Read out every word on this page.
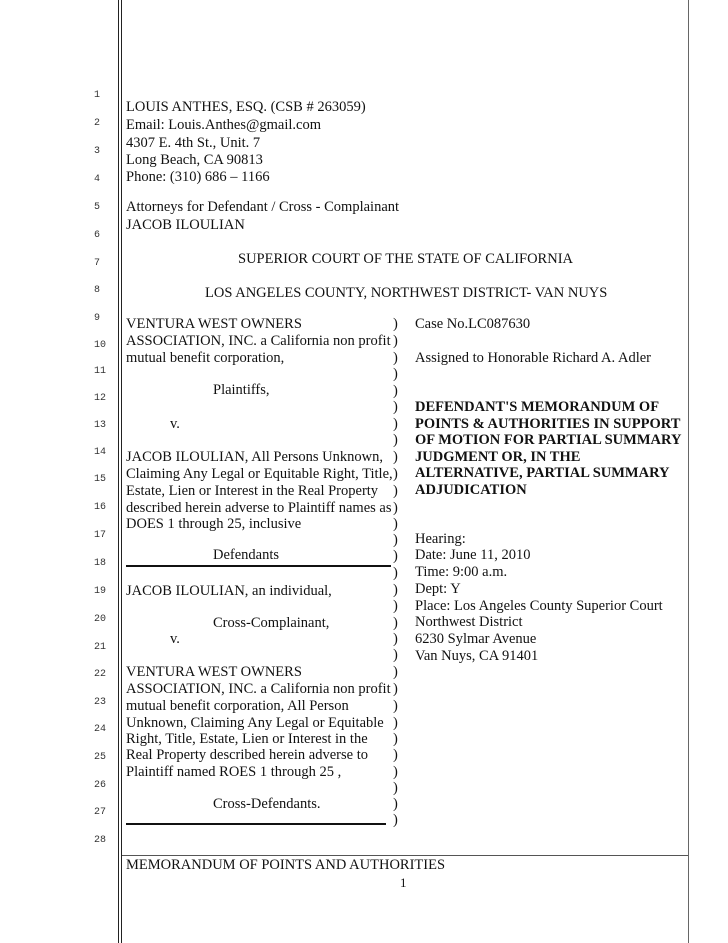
1
2
3
4
5
6
7
8
9
10
11
12
13
14
15
16
17
18
19
20
21
22
23
24
25
26
27
28
LOUIS ANTHES, ESQ. (CSB # 263059)
Email: Louis.Anthes@gmail.com
4307 E. 4th St., Unit. 7
Long Beach, CA 90813
Phone: (310) 686 – 1166
Attorneys for Defendant / Cross - Complainant
JACOB ILOULIAN
SUPERIOR COURT OF THE STATE OF CALIFORNIA
LOS ANGELES COUNTY, NORTHWEST DISTRICT- VAN NUYS
VENTURA WEST OWNERS
ASSOCIATION, INC. a California non profit
mutual benefit corporation,
Plaintiffs,
v.
JACOB ILOULIAN, All Persons Unknown,
Claiming Any Legal or Equitable Right, Title,
Estate, Lien or Interest in the Real Property
described herein adverse to Plaintiff names as
DOES 1 through 25, inclusive
Defendants
JACOB ILOULIAN, an individual,
Cross-Complainant,
v.
VENTURA WEST OWNERS
ASSOCIATION, INC. a California non profit
mutual benefit corporation, All Person
Unknown, Claiming Any Legal or Equitable
Right, Title, Estate, Lien or Interest in the
Real Property described herein adverse to
Plaintiff named ROES 1 through 25 ,
Cross-Defendants.
)
)
)
)
)
)
)
)
)
)
)
)
)
)
)
)
)
)
)
)
)
)
)
)
)
)
)
)
)
)
)
Case No.LC087630
Assigned to Honorable Richard A. Adler
DEFENDANT'S MEMORANDUM OF
POINTS & AUTHORITIES IN SUPPORT
OF MOTION FOR PARTIAL SUMMARY
JUDGMENT OR, IN THE
ALTERNATIVE, PARTIAL SUMMARY
ADJUDICATION
Hearing:
Date: June 11, 2010
Time: 9:00 a.m.
Dept: Y
Place: Los Angeles County Superior Court
Northwest District
6230 Sylmar Avenue
Van Nuys, CA 91401
MEMORANDUM OF POINTS AND AUTHORITIES
1
